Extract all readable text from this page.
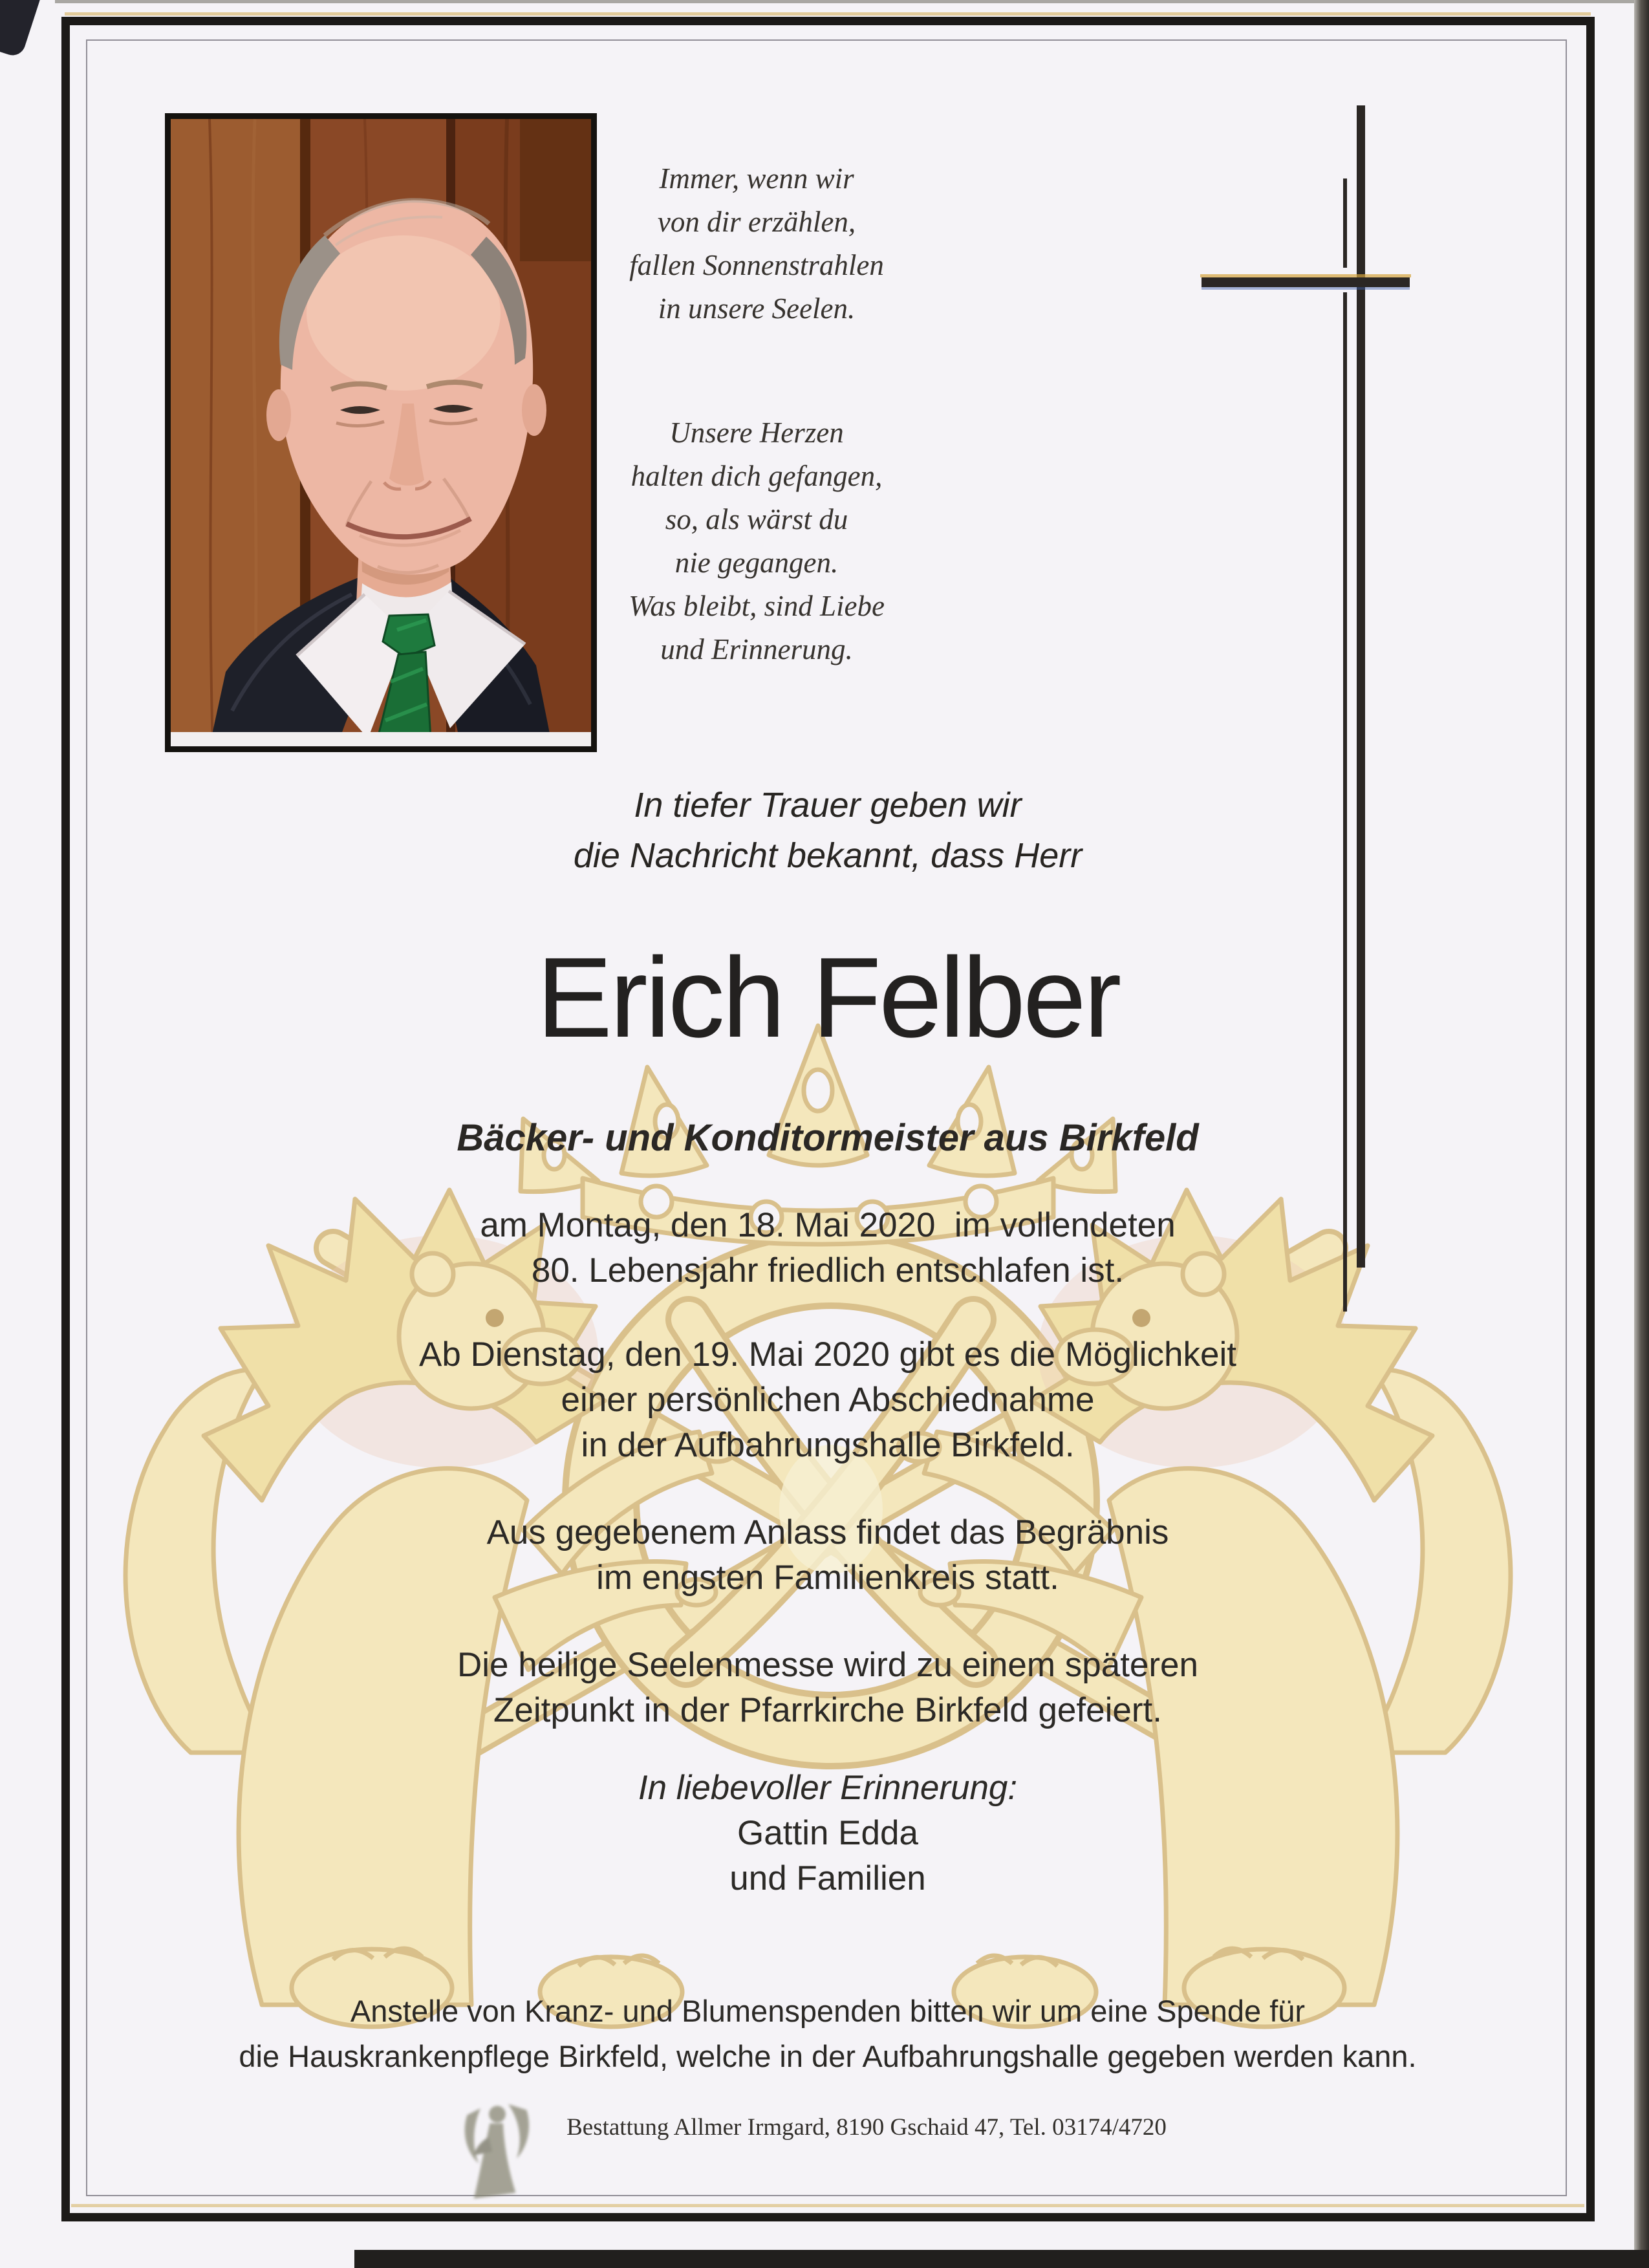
Immer, wenn wir
von dir erzählen,
fallen Sonnenstrahlen
in unsere Seelen.
Unsere Herzen
halten dich gefangen,
so, als wärst du
nie gegangen.
Was bleibt, sind Liebe
und Erinnerung.
In tiefer Trauer geben wir
die Nachricht bekannt, dass Herr
Erich Felber
Bäcker- und Konditormeister aus Birkfeld
am Montag, den 18. Mai 2020  im vollendeten
80. Lebensjahr friedlich entschlafen ist.
Ab Dienstag, den 19. Mai 2020 gibt es die Möglichkeit
einer persönlichen Abschiednahme
in der Aufbahrungshalle Birkfeld.
Aus gegebenem Anlass findet das Begräbnis
im engsten Familienkreis statt.
Die heilige Seelenmesse wird zu einem späteren
Zeitpunkt in der Pfarrkirche Birkfeld gefeiert.
In liebevoller Erinnerung:
Gattin Edda
und Familien
Anstelle von Kranz- und Blumenspenden bitten wir um eine Spende für
die Hauskrankenpflege Birkfeld, welche in der Aufbahrungshalle gegeben werden kann.
Bestattung Allmer Irmgard, 8190 Gschaid 47, Tel. 03174/4720
